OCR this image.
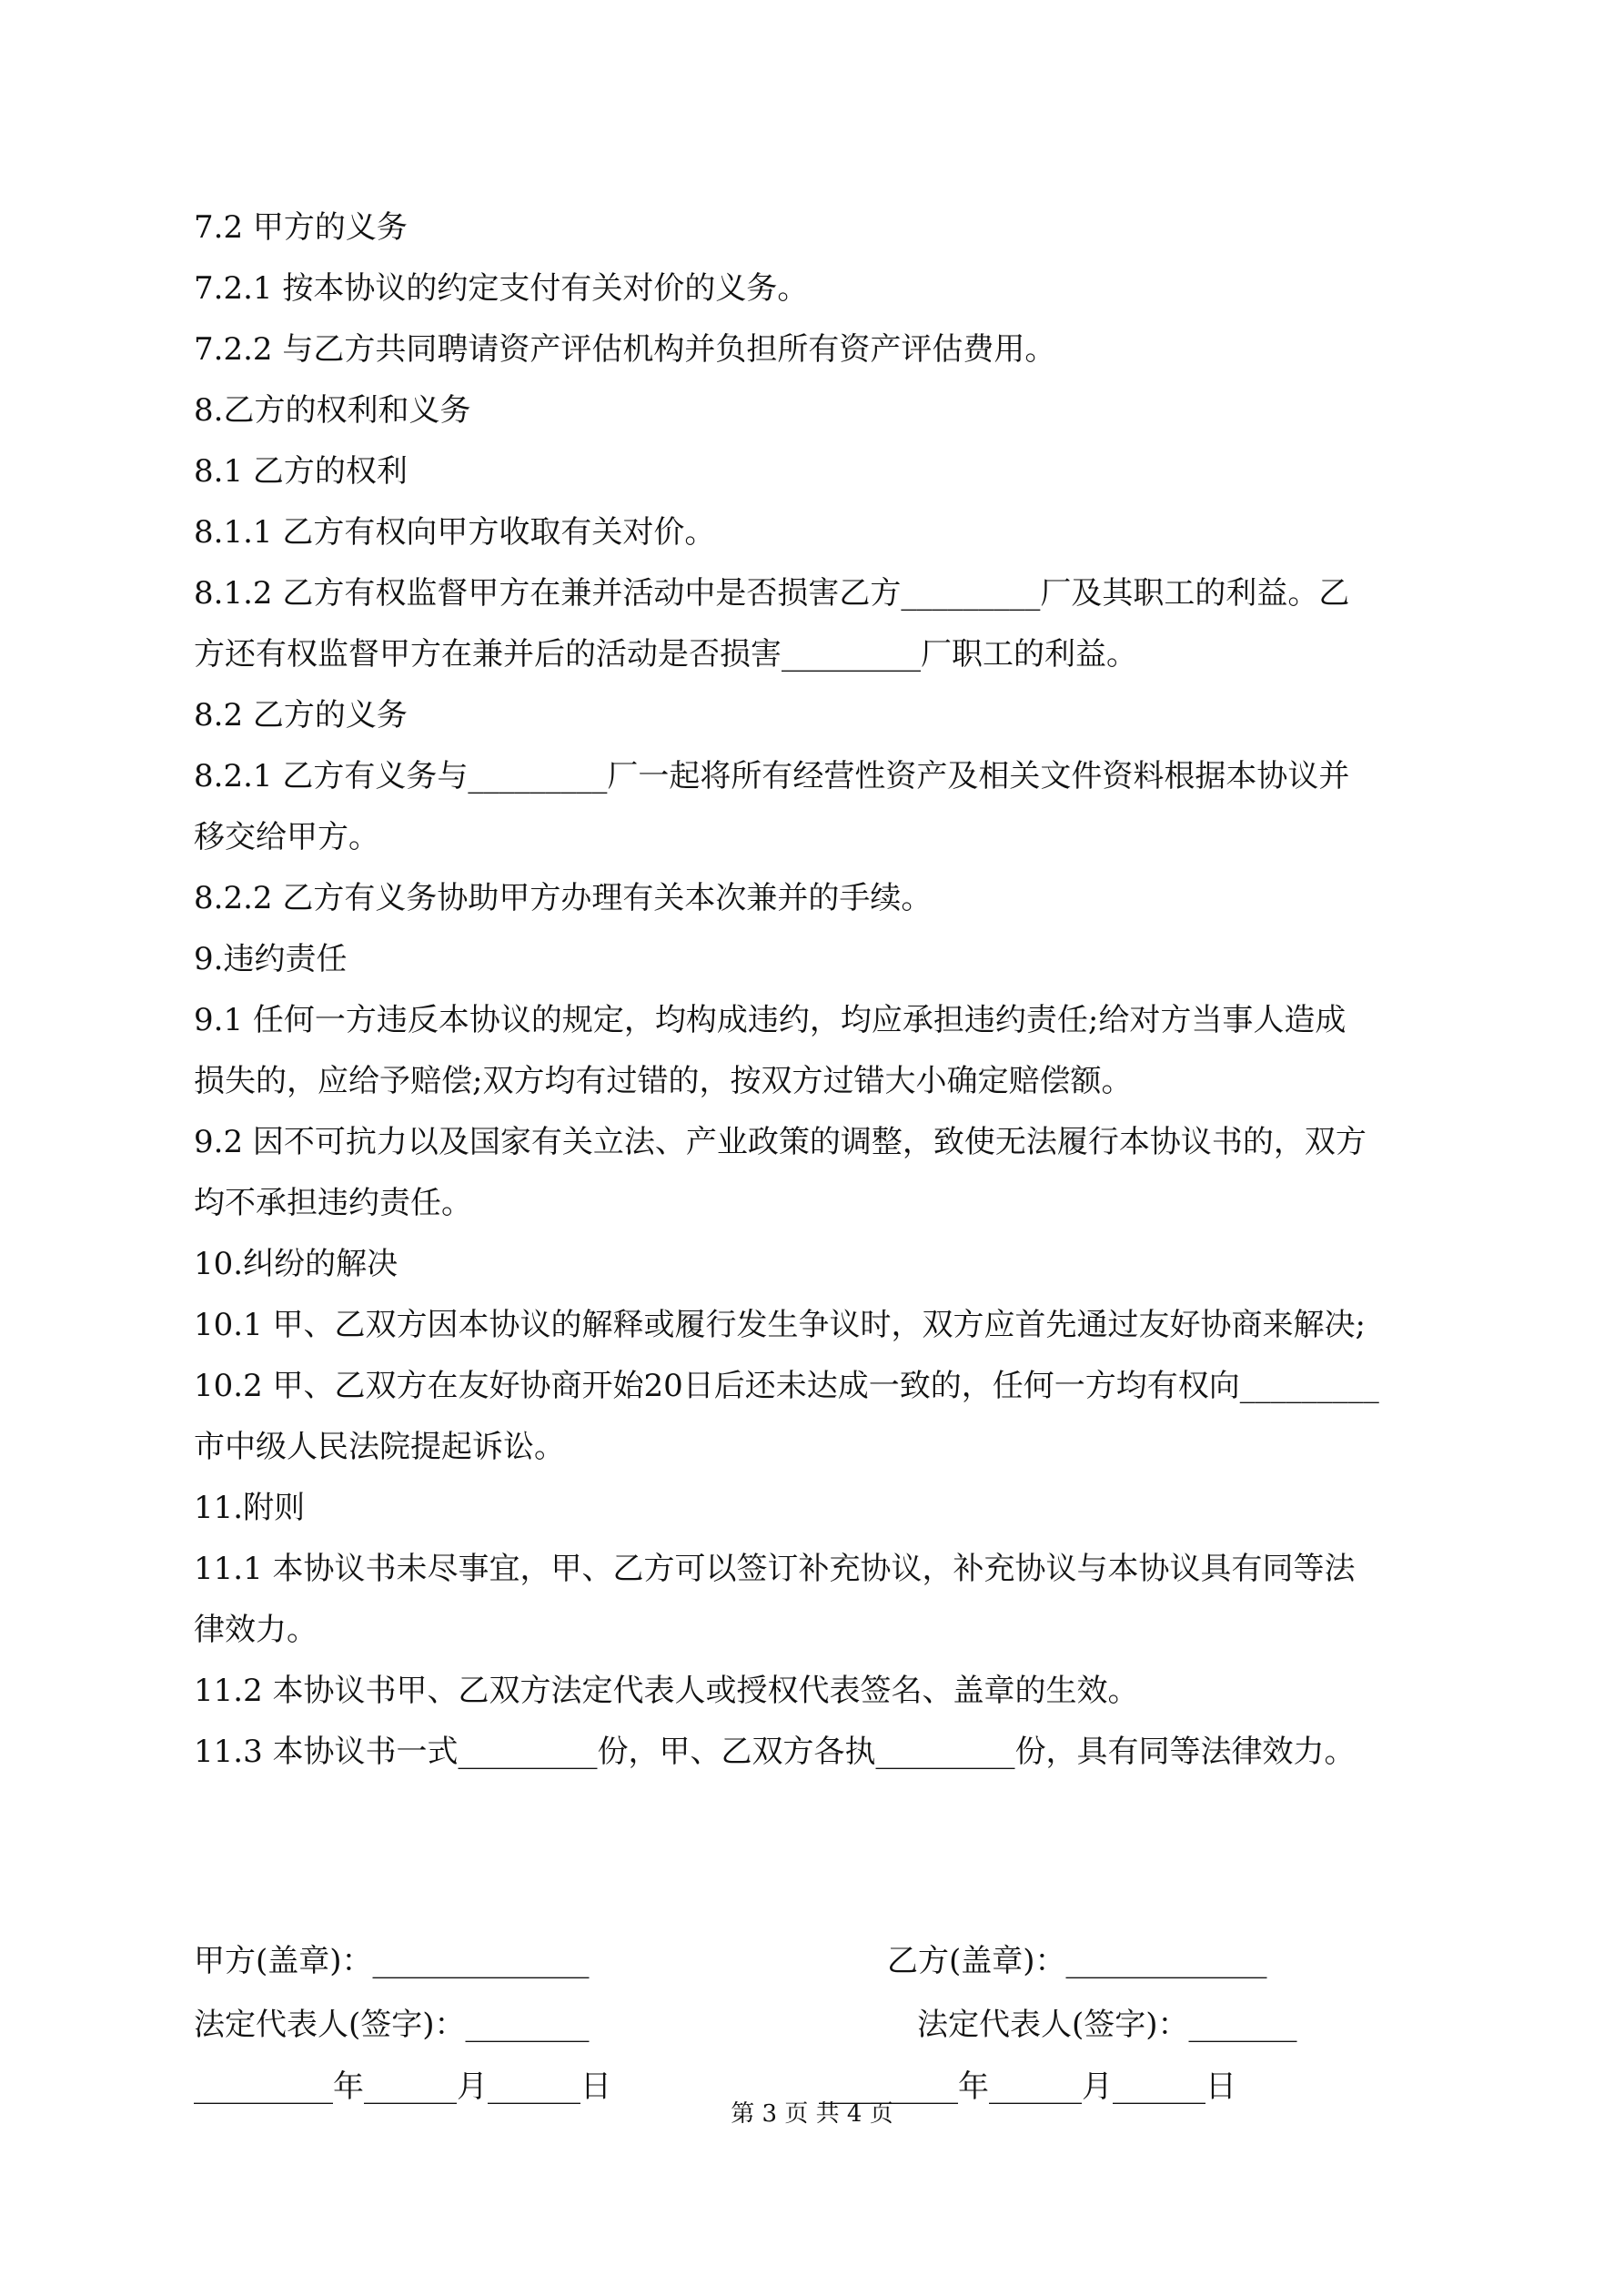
7.2 甲方的义务

7.2.1 按本协议的约定支付有关对价的义务。

7.2.2 与乙方共同聘请资产评估机构并负担所有资产评估费用。

8.乙方的权利和义务

8.1 乙方的权利

8.1.1 乙方有权向甲方收取有关对价。

8.1.2 乙方有权监督甲方在兼并活动中是否损害乙方_________厂及其职工的利益。乙

方还有权监督甲方在兼并后的活动是否损害_________厂职工的利益。

8.2 乙方的义务

8.2.1 乙方有义务与_________厂一起将所有经营性资产及相关文件资料根据本协议并

移交给甲方。

8.2.2 乙方有义务协助甲方办理有关本次兼并的手续。

9.违约责任

9.1 任何一方违反本协议的规定，均构成违约，均应承担违约责任;给对方当事人造成

损失的，应给予赔偿;双方均有过错的，按双方过错大小确定赔偿额。

9.2 因不可抗力以及国家有关立法、产业政策的调整，致使无法履行本协议书的，双方

均不承担违约责任。

10.纠纷的解决

10.1 甲、乙双方因本协议的解释或履行发生争议时，双方应首先通过友好协商来解决;

10.2 甲、乙双方在友好协商开始20日后还未达成一致的，任何一方均有权向_________

市中级人民法院提起诉讼。

11.附则

11.1 本协议书未尽事宜，甲、乙方可以签订补充协议，补充协议与本协议具有同等法

律效力。

11.2 本协议书甲、乙双方法定代表人或授权代表签名、盖章的生效。

11.3 本协议书一式_________份，甲、乙双方各执_________份，具有同等法律效力。

甲方(盖章)：______________	乙方(盖章)：_____________
法定代表人(签字)：________	法定代表人(签字)：_______
_________年______月______日	_________年______月______日
第 3 页 共 4 页
